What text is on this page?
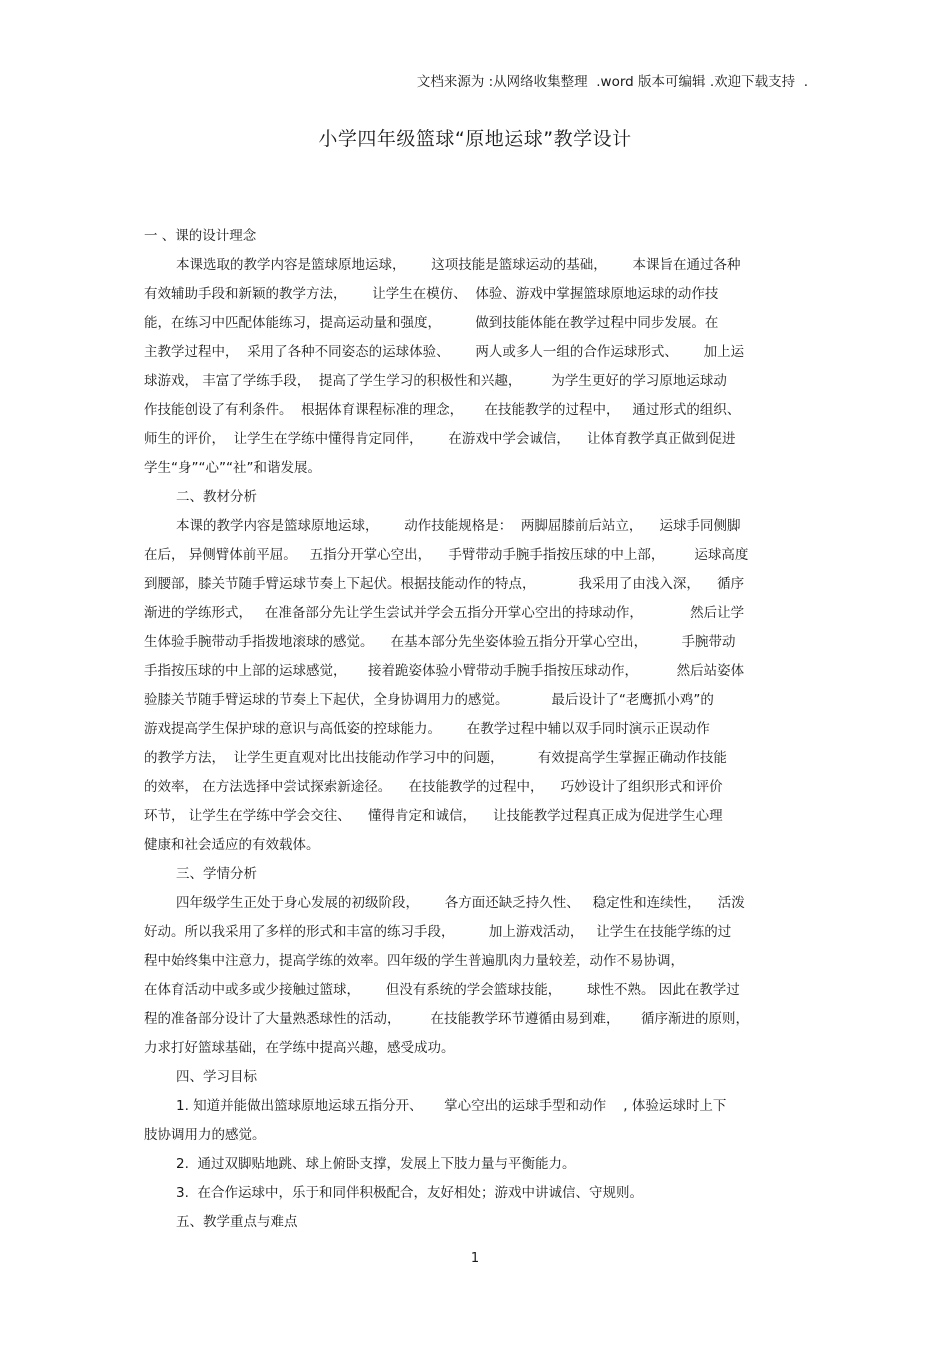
文档来源为 :从网络收集整理  .word 版本可编辑 .欢迎下载支持  .
小学四年级篮球“原地运球”教学设计
一 、课的设计理念
本课选取的教学内容是篮球原地运球，      这项技能是篮球运动的基础，      本课旨在通过各种
有效辅助手段和新颖的教学方法，      让学生在模仿、  体验、游戏中掌握篮球原地运球的动作技
能，在练习中匹配体能练习，提高运动量和强度，        做到技能体能在教学过程中同步发展。在
主教学过程中，  采用了各种不同姿态的运球体验、      两人或多人一组的合作运球形式、      加上运
球游戏， 丰富了学练手段，  提高了学生学习的积极性和兴趣，       为学生更好的学习原地运球动
作技能创设了有利条件。  根据体育课程标准的理念，     在技能教学的过程中，   通过形式的组织、
师生的评价，  让学生在学练中懂得肯定同伴，      在游戏中学会诚信，    让体育教学真正做到促进
学生“身”“心”“社”和谐发展。
二、教材分析
本课的教学内容是篮球原地运球，      动作技能规格是：  两脚屈膝前后站立，    运球手同侧脚
在后， 异侧臂体前平屈。   五指分开掌心空出，    手臂带动手腕手指按压球的中上部，       运球高度
到腰部，膝关节随手臂运球节奏上下起伏。根据技能动作的特点，          我采用了由浅入深，    循序
渐进的学练形式，   在准备部分先让学生尝试并学会五指分开掌心空出的持球动作，           然后让学
生体验手腕带动手指拨地滚球的感觉。    在基本部分先坐姿体验五指分开掌心空出，        手腕带动
手指按压球的中上部的运球感觉，     接着跪姿体验小臂带动手腕手指按压球动作，         然后站姿体
验膝关节随手臂运球的节奏上下起伏，全身协调用力的感觉。          最后设计了“老鹰抓小鸡”的
游戏提高学生保护球的意识与高低姿的控球能力。      在教学过程中辅以双手同时演示正误动作
的教学方法，  让学生更直观对比出技能动作学习中的问题，        有效提高学生掌握正确动作技能
的效率， 在方法选择中尝试探索新途径。    在技能教学的过程中，    巧妙设计了组织形式和评价
环节， 让学生在学练中学会交往、    懂得肯定和诚信，    让技能教学过程真正成为促进学生心理
健康和社会适应的有效载体。
三、学情分析
四年级学生正处于身心发展的初级阶段，      各方面还缺乏持久性、   稳定性和连续性，    活泼
好动。所以我采用了多样的形式和丰富的练习手段，        加上游戏活动，   让学生在技能学练的过
程中始终集中注意力，提高学练的效率。四年级的学生普遍肌肉力量较差，动作不易协调，
在体育活动中或多或少接触过篮球，      但没有系统的学会篮球技能，      球性不熟。 因此在教学过
程的准备部分设计了大量熟悉球性的活动，       在技能教学环节遵循由易到难，     循序渐进的原则，
力求打好篮球基础，在学练中提高兴趣，感受成功。
四、学习目标
1. 知道并能做出篮球原地运球五指分开、     掌心空出的运球手型和动作    , 体验运球时上下
肢协调用力的感觉。
2.  通过双脚贴地跳、球上俯卧支撑，发展上下肢力量与平衡能力。
3.  在合作运球中，乐于和同伴积极配合，友好相处；游戏中讲诚信、守规则。
五、教学重点与难点
1
